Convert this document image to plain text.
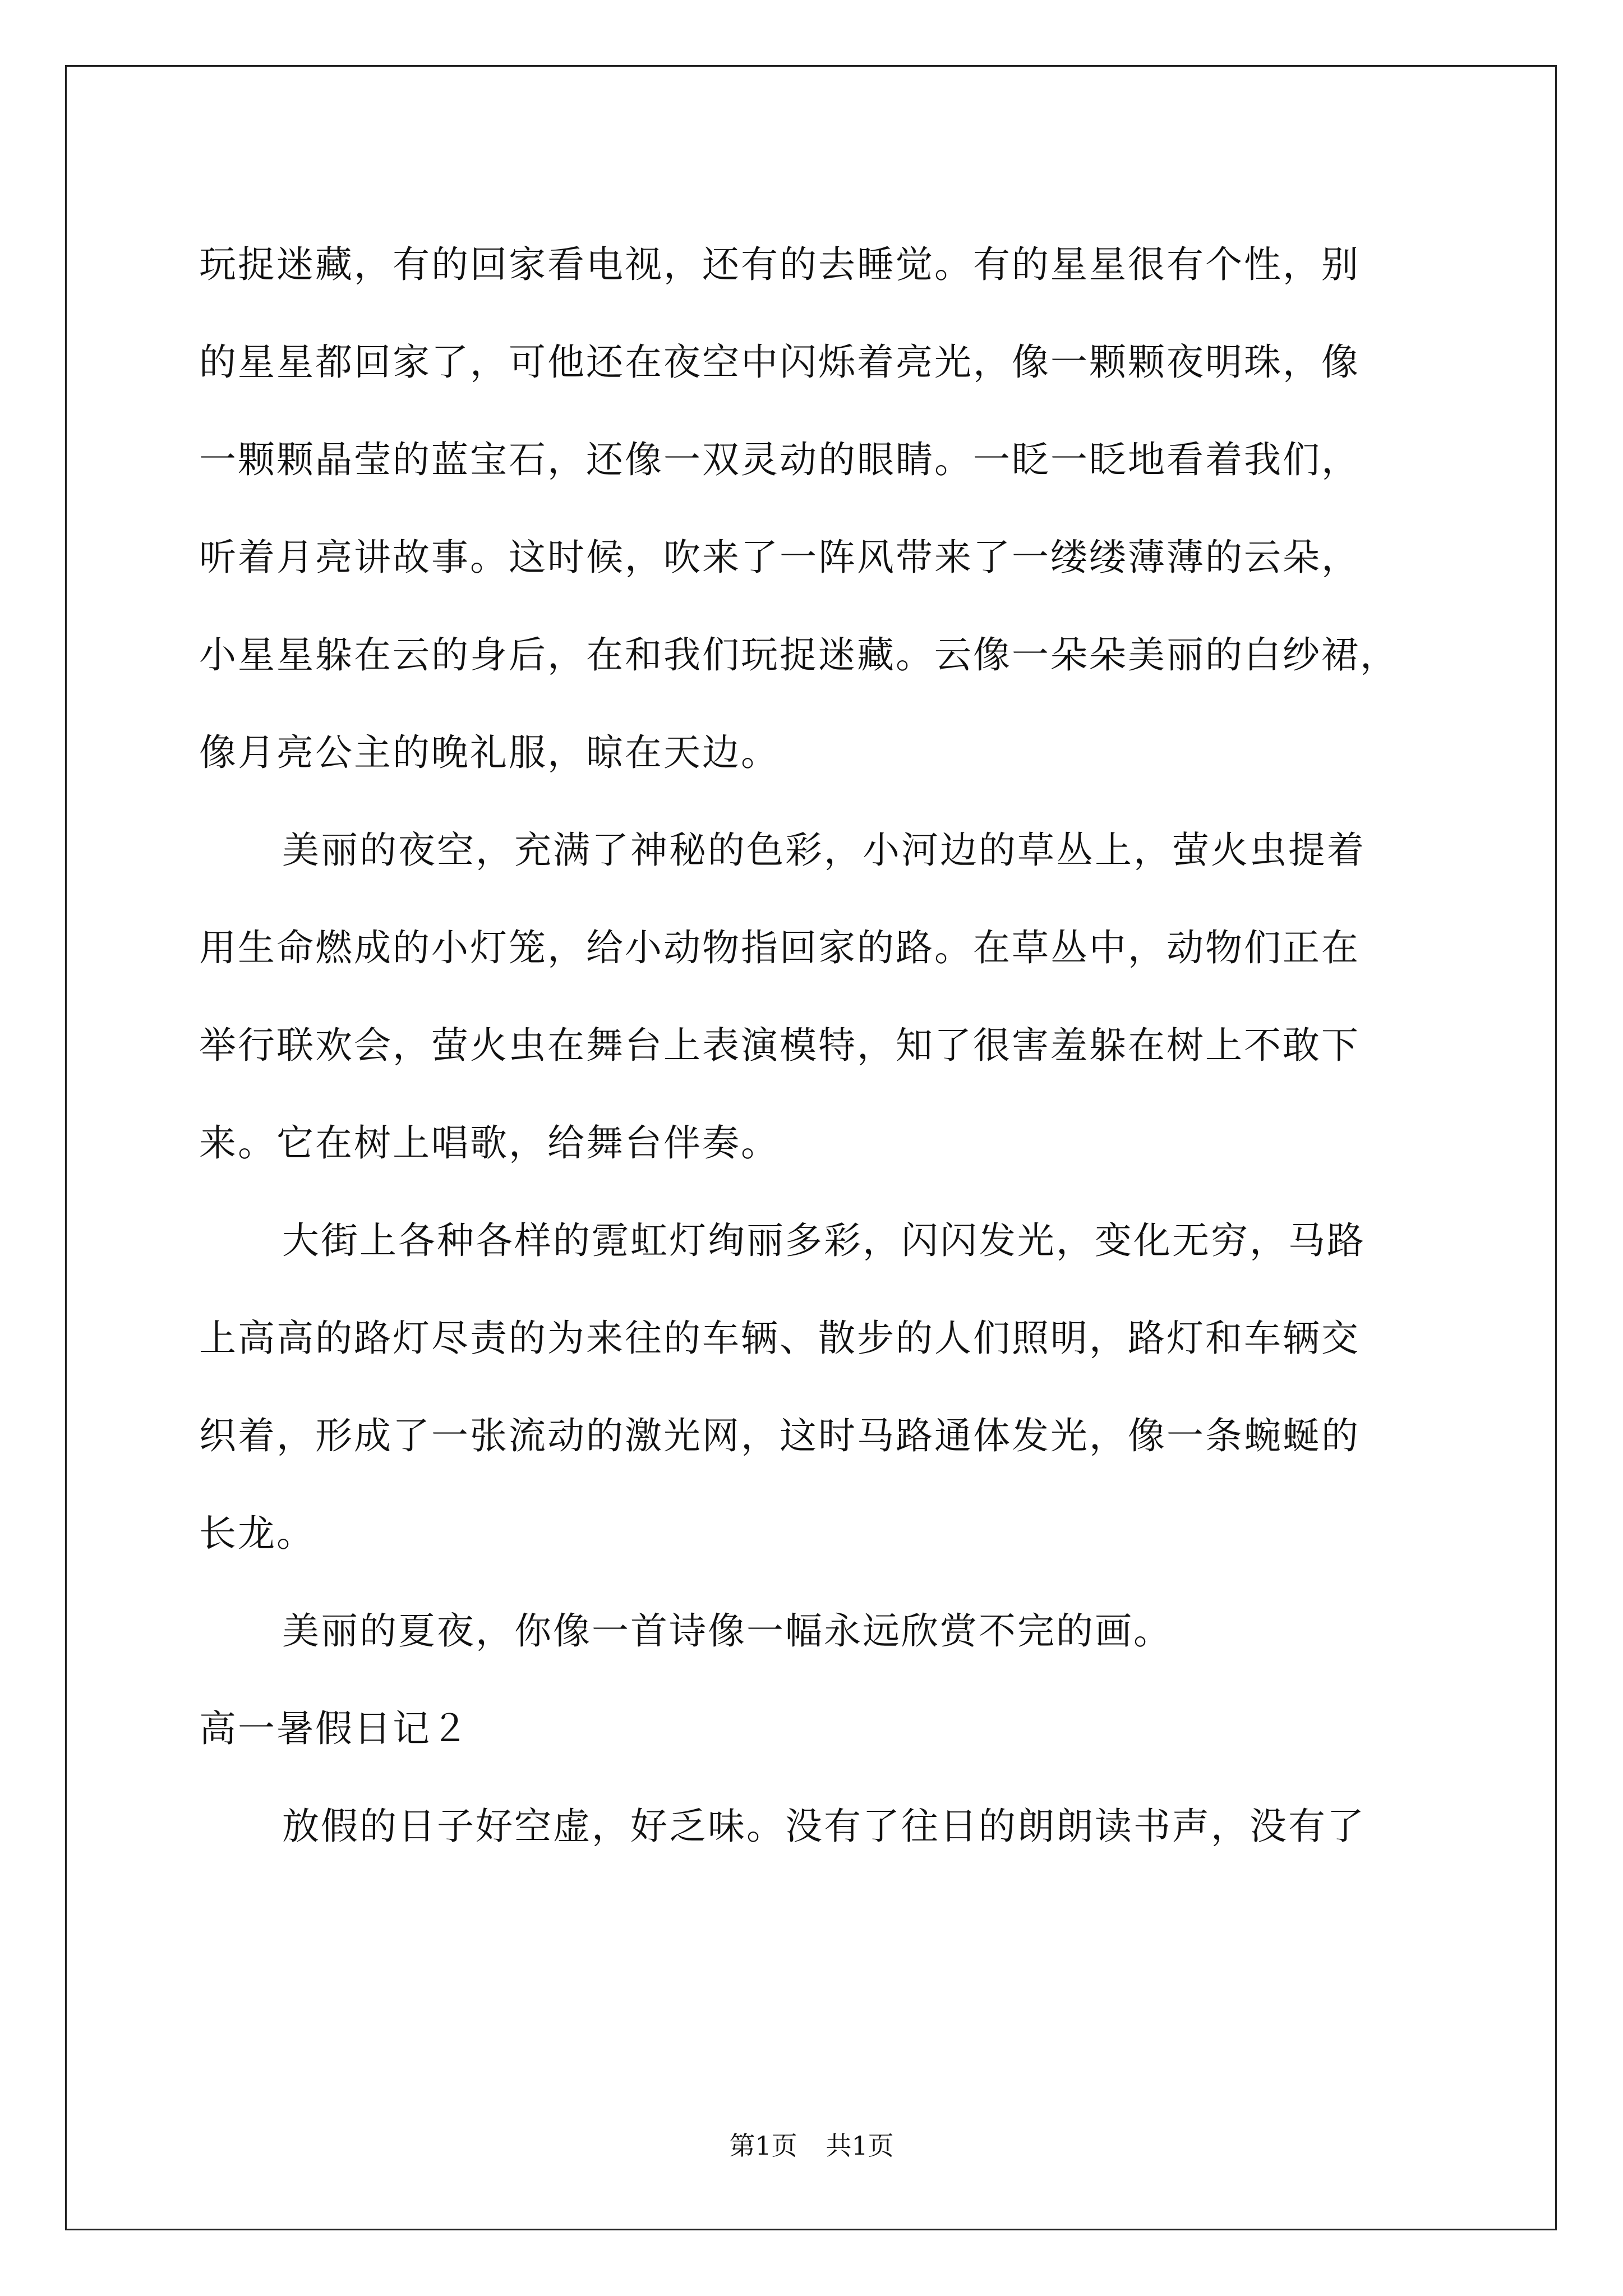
玩捉迷藏，有的回家看电视，还有的去睡觉。有的星星很有个性，别
的星星都回家了，可他还在夜空中闪烁着亮光，像一颗颗夜明珠，像
一颗颗晶莹的蓝宝石，还像一双灵动的眼睛。一眨一眨地看着我们，
听着月亮讲故事。这时候，吹来了一阵风带来了一缕缕薄薄的云朵，
小星星躲在云的身后，在和我们玩捉迷藏。云像一朵朵美丽的白纱裙，
像月亮公主的晚礼服，晾在天边。
美丽的夜空，充满了神秘的色彩，小河边的草丛上，萤火虫提着
用生命燃成的小灯笼，给小动物指回家的路。在草丛中，动物们正在
举行联欢会，萤火虫在舞台上表演模特，知了很害羞躲在树上不敢下
来。它在树上唱歌，给舞台伴奏。
大街上各种各样的霓虹灯绚丽多彩，闪闪发光，变化无穷，马路
上高高的路灯尽责的为来往的车辆、散步的人们照明，路灯和车辆交
织着，形成了一张流动的激光网，这时马路通体发光，像一条蜿蜒的
长龙。
美丽的夏夜，你像一首诗像一幅永远欣赏不完的画。
高一暑假日记２
放假的日子好空虚，好乏味。没有了往日的朗朗读书声，没有了
第1页 共1页
